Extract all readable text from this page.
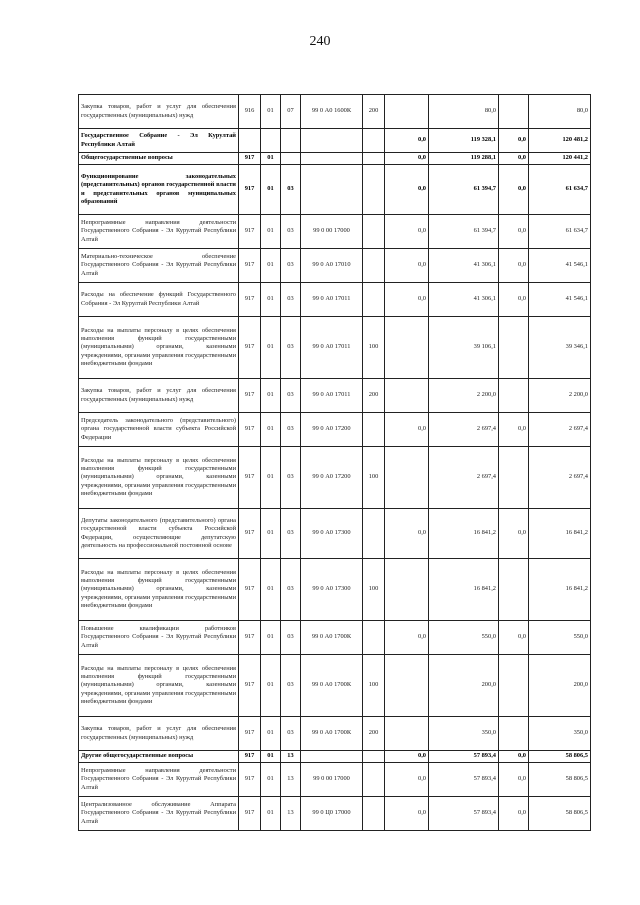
240
Закупка товаров, работ и услуг для обеспечения государственных (муниципальных) нужд	916	01	07	99 0 А0 1600К	200		80,0		80,0
Государственное Собрание - Эл Курултай Республики Алтай						0,0	119 328,1	0,0	120 481,2
Общегосударственные вопросы	917	01				0,0	119 288,1	0,0	120 441,2
Функционирование законодательных (представительных) органов государственной власти и представительных органов муниципальных образований	917	01	03			0,0	61 394,7	0,0	61 634,7
Непрограммные направления деятельности Государственного Собрания - Эл Курултай Республики Алтай	917	01	03	99 0 00 17000		0,0	61 394,7	0,0	61 634,7
Материально-техническое обеспечение Государственного Собрания - Эл Курултай Республики Алтай	917	01	03	99 0 А0 17010		0,0	41 306,1	0,0	41 546,1
Расходы на обеспечение функций Государственного Собрания - Эл Курултай Республики Алтай	917	01	03	99 0 А0 17011		0,0	41 306,1	0,0	41 546,1
Расходы на выплаты персоналу в целях обеспечения выполнения функций государственными (муниципальными) органами, казенными учреждениями, органами управления государственными внебюджетными фондами	917	01	03	99 0 А0 17011	100		39 106,1		39 346,1
Закупка товаров, работ и услуг для обеспечения государственных (муниципальных) нужд	917	01	03	99 0 А0 17011	200		2 200,0		2 200,0
Председатель законодательного (представительного) органа государственной власти субъекта Российской Федерации	917	01	03	99 0 А0 17200		0,0	2 697,4	0,0	2 697,4
Расходы на выплаты персоналу в целях обеспечения выполнения функций государственными (муниципальными) органами, казенными учреждениями, органами управления государственными внебюджетными фондами	917	01	03	99 0 А0 17200	100		2 697,4		2 697,4
Депутаты законодательного (представительного) органа государственной власти субъекта Российской Федерации, осуществляющие депутатскую деятельность на профессиональной постоянной основе	917	01	03	99 0 А0 17300		0,0	16 841,2	0,0	16 841,2
Расходы на выплаты персоналу в целях обеспечения выполнения функций государственными (муниципальными) органами, казенными учреждениями, органами управления государственными внебюджетными фондами	917	01	03	99 0 А0 17300	100		16 841,2		16 841,2
Повышение квалификации работников Государственного Собрания - Эл Курултай Республики Алтай	917	01	03	99 0 А0 1700К		0,0	550,0	0,0	550,0
Расходы на выплаты персоналу в целях обеспечения выполнения функций государственными (муниципальными) органами, казенными учреждениями, органами управления государственными внебюджетными фондами	917	01	03	99 0 А0 1700К	100		200,0		200,0
Закупка товаров, работ и услуг для обеспечения государственных (муниципальных) нужд	917	01	03	99 0 А0 1700К	200		350,0		350,0
Другие общегосударственные вопросы	917	01	13			0,0	57 893,4	0,0	58 806,5
Непрограммные направления деятельности Государственного Собрания - Эл Курултай Республики Алтай	917	01	13	99 0 00 17000		0,0	57 893,4	0,0	58 806,5
Централизованное обслуживание Аппарата Государственного Собрания - Эл Курултай Республики Алтай	917	01	13	99 0 Ц0 17000		0,0	57 893,4	0,0	58 806,5
